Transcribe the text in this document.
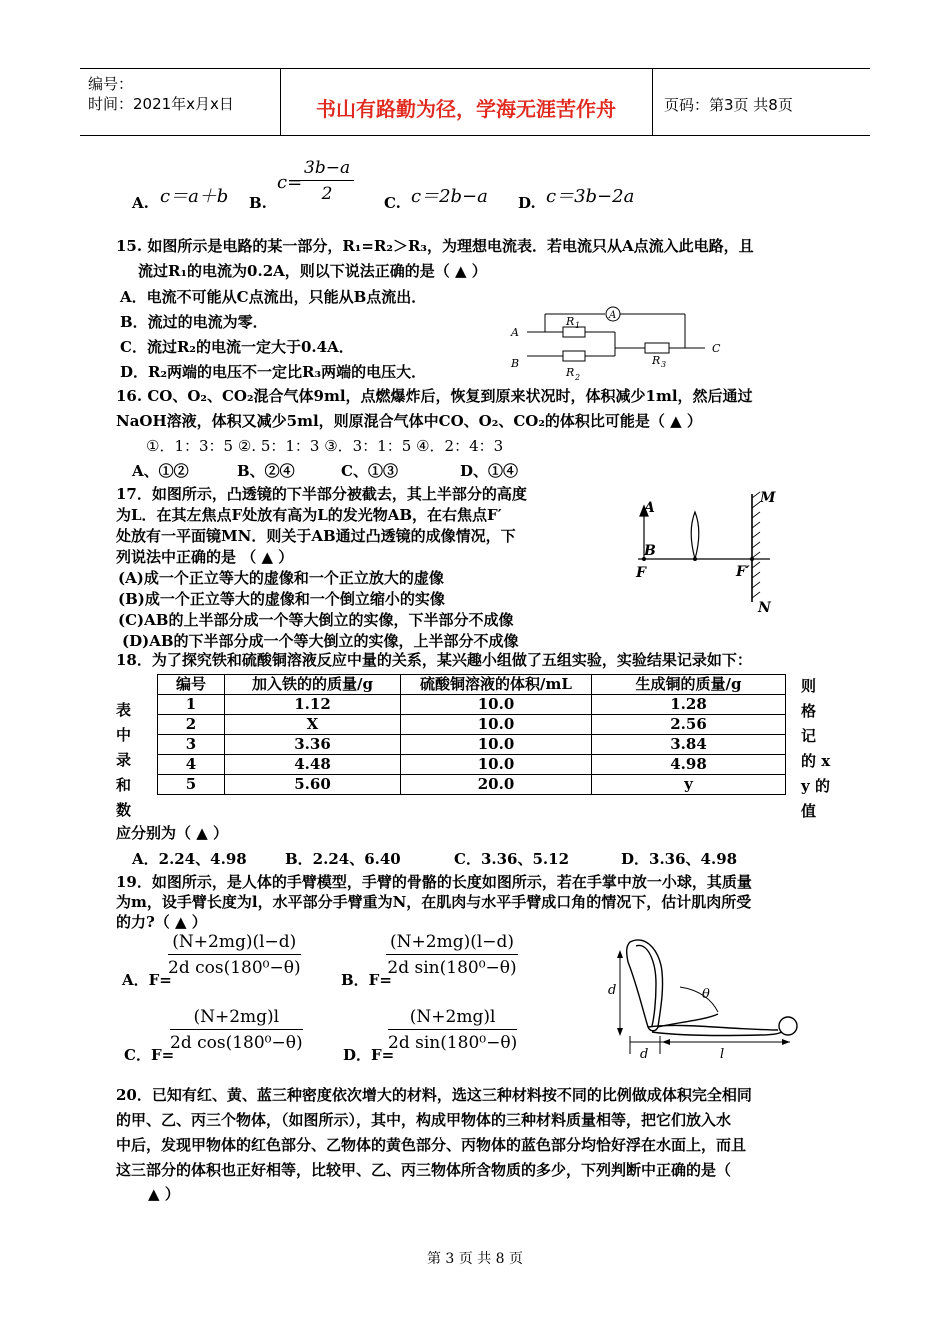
编号：
时间：2021年x月x日	书山有路勤为径，学海无涯苦作舟	页码：第3页 共8页
A. c＝a＋b B.
c=
$\frac{3b-a}{2} C$. c＝2b−a D. c＝3b−2a
15. 如图所示是电路的某一部分，R₁=R₂＞R₃，为理想电流表．若电流只从A点流入此电路，且
流过R₁的电流为0.2A，则以下说法正确的是（ ▲ ）
A．电流不可能从C点流出，只能从B点流出．
B．流过的电流为零．
C．流过R₂的电流一定大于0.4A．
D．R₂两端的电压不一定比R₃两端的电压大．
A
B
C
A
R 1
R 2
R 3
16. CO、O₂、CO₂混合气体9ml，点燃爆炸后，恢复到原来状况时，体积减少1ml，然后通过
NaOH溶液，体积又减少5ml，则原混合气体中CO、O₂、CO₂的体积比可能是（ ▲ ）
①．1：3：5 ②. 5：1：3 ③．3：1：5 ④．2：4：3
A、①②	B、②④	C、①③	D、①④
17．如图所示，凸透镜的下半部分被截去，其上半部分的高度
为L．在其左焦点F处放有高为L的发光物AB，在右焦点F′
处放有一平面镜MN．则关于AB通过凸透镜的成像情况，下
列说法中正确的是 （ ▲ ）
(A)成一个正立等大的虚像和一个正立放大的虚像
(B)成一个正立等大的虚像和一个倒立缩小的实像
(C)AB的上半部分成一个等大倒立的实像，下半部分不成像
(D)AB的下半部分成一个等大倒立的实像，上半部分不成像
A
B
F	F′
M
N
18．为了探究铁和硫酸铜溶液反应中量的关系，某兴趣小组做了五组实验，实验结果记录如下：
表
中
录
和
数
则
格
记
的 x
y 的
值
编号	加入铁的的质量/g	硫酸铜溶液的体积/mL	生成铜的质量/g
1	1.12	10.0	1.28
2	X	10.0	2.56
3	3.36	10.0	3.84
4	4.48	10.0	4.98
5	5.60	20.0	y
应分别为（ ▲ ）
A．2.24、4.98	B．2.24、6.40	C．3.36、5.12	D．3.36、4.98
19．如图所示，是人体的手臂模型，手臂的骨骼的长度如图所示，若在手掌中放一小球，其质量
为m，设手臂长度为l，水平部分手臂重为N，在肌肉与水平手臂成口角的情况下，估计肌肉所受
的力?（ ▲ ）
A．F=
$\frac{(N+2mg)(l-d)}{\text{2d cos(180⁰−θ)}}$
B．F=
$\frac{(N+2mg)(l-d)}{\text{2d sin(180⁰−θ)}}$
C．F=
$\frac{(N+2mg)l}{\text{2d cos(180⁰−θ)}}$
D．F=
$\frac{(N+2mg)l}{\text{2d sin(180⁰−θ)}}$
d
d
θ
l
20．已知有红、黄、蓝三种密度依次增大的材料，选这三种材料按不同的比例做成体积完全相同
的甲、乙、丙三个物体，（如图所示），其中，构成甲物体的三种材料质量相等，把它们放入水
中后，发现甲物体的红色部分、乙物体的黄色部分、丙物体的蓝色部分均恰好浮在水面上，而且
这三部分的体积也正好相等，比较甲、乙、丙三物体所含物质的多少，下列判断中正确的是（
▲ ）
第 3 页 共 8 页
